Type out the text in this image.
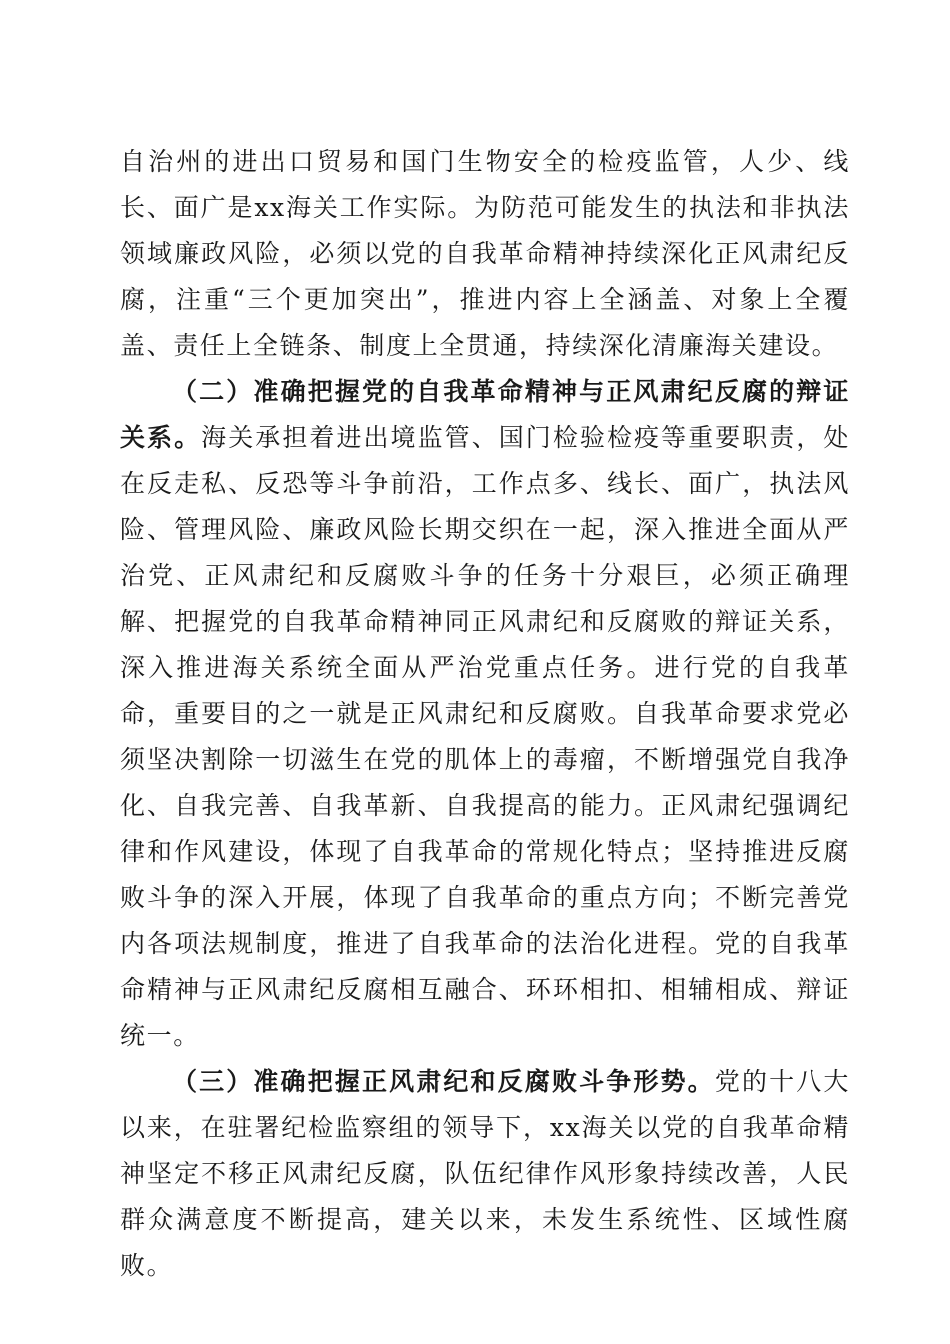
自治州的进出口贸易和国门生物安全的检疫监管，人少、线长、面广是xx海关工作实际。为防范可能发生的执法和非执法领域廉政风险，必须以党的自我革命精神持续深化正风肃纪反腐，注重“三个更加突出”，推进内容上全涵盖、对象上全覆盖、责任上全链条、制度上全贯通，持续深化清廉海关建设。

（二）准确把握党的自我革命精神与正风肃纪反腐的辩证关系。海关承担着进出境监管、国门检验检疫等重要职责，处在反走私、反恐等斗争前沿，工作点多、线长、面广，执法风险、管理风险、廉政风险长期交织在一起，深入推进全面从严治党、正风肃纪和反腐败斗争的任务十分艰巨，必须正确理解、把握党的自我革命精神同正风肃纪和反腐败的辩证关系，深入推进海关系统全面从严治党重点任务。进行党的自我革命，重要目的之一就是正风肃纪和反腐败。自我革命要求党必须坚决割除一切滋生在党的肌体上的毒瘤，不断增强党自我净化、自我完善、自我革新、自我提高的能力。正风肃纪强调纪律和作风建设，体现了自我革命的常规化特点；坚持推进反腐败斗争的深入开展，体现了自我革命的重点方向；不断完善党内各项法规制度，推进了自我革命的法治化进程。党的自我革命精神与正风肃纪反腐相互融合、环环相扣、相辅相成、辩证统一。

（三）准确把握正风肃纪和反腐败斗争形势。党的十八大以来，在驻署纪检监察组的领导下，xx海关以党的自我革命精神坚定不移正风肃纪反腐，队伍纪律作风形象持续改善，人民群众满意度不断提高，建关以来，未发生系统性、区域性腐败。
